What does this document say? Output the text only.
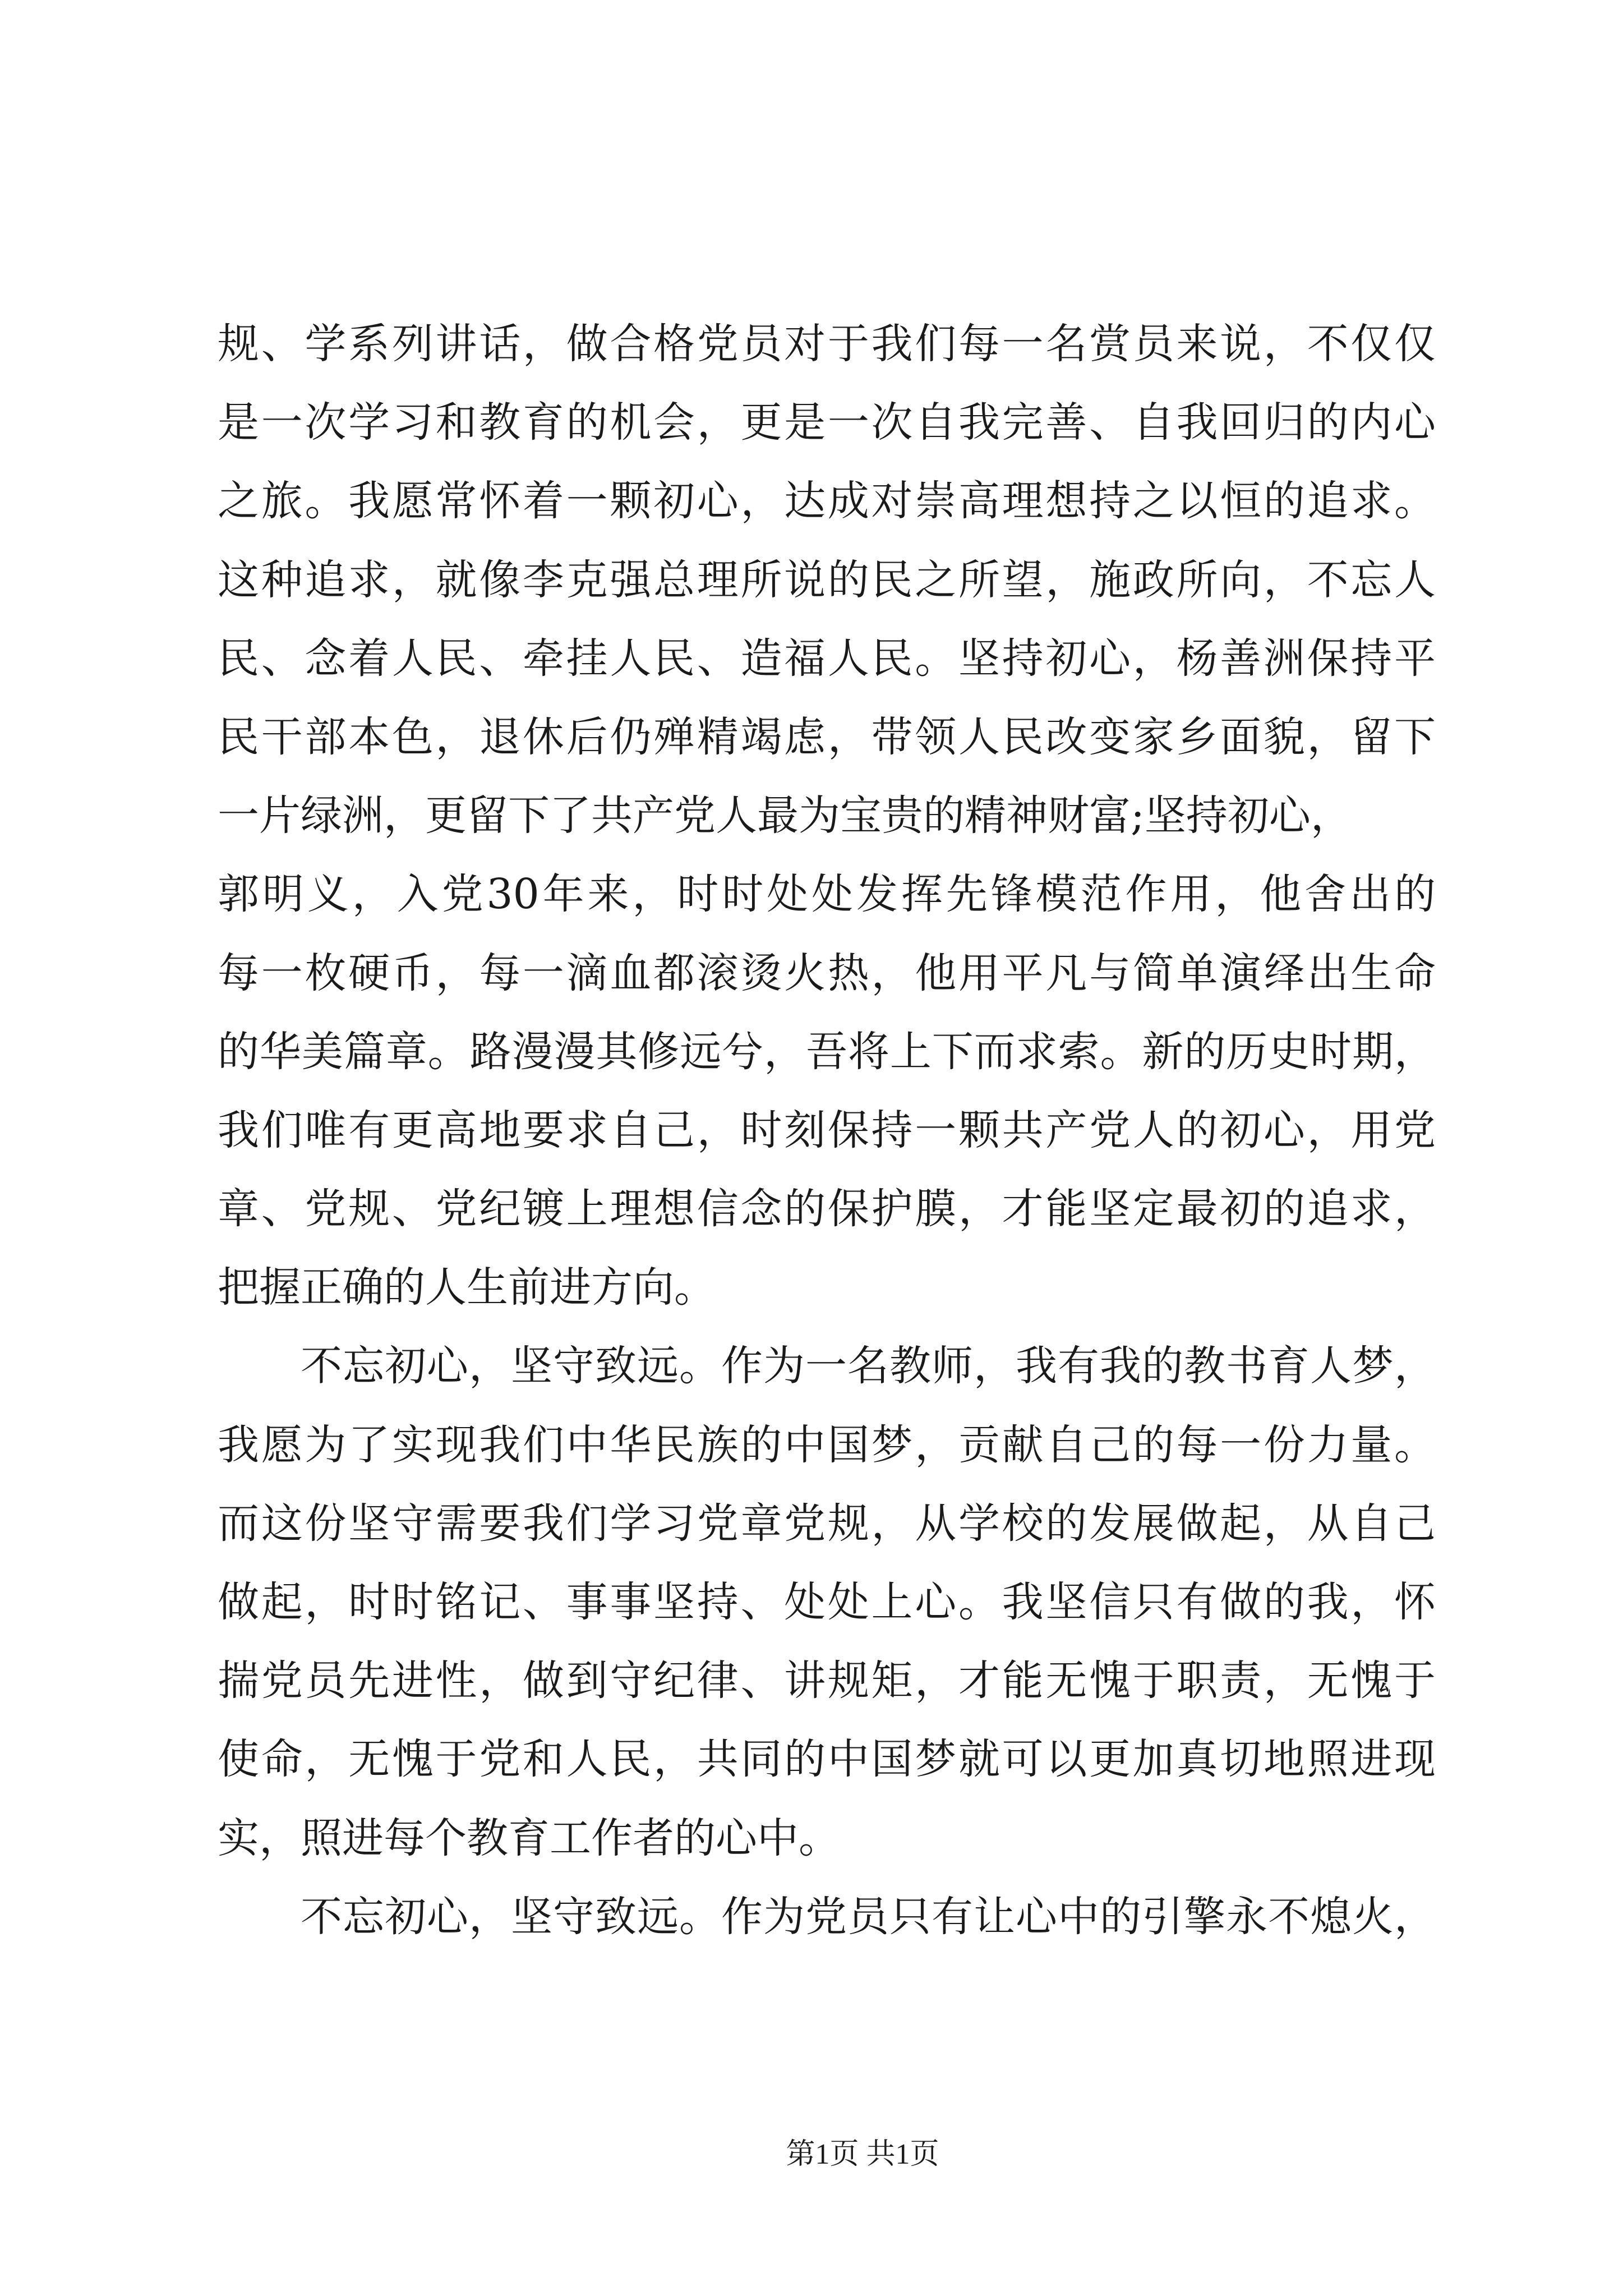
规、学系列讲话，做合格党员对于我们每一名赏员来说，不仅仅
是一次学习和教育的机会，更是一次自我完善、自我回归的内心
之旅。我愿常怀着一颗初心，达成对崇高理想持之以恒的追求。
这种追求，就像李克强总理所说的民之所望，施政所向，不忘人
民、念着人民、牵挂人民、造福人民。坚持初心，杨善洲保持平
民干部本色，退休后仍殚精竭虑，带领人民改变家乡面貌，留下
一片绿洲，更留下了共产党人最为宝贵的精神财富;坚持初心，
郭明义，入党30年来，时时处处发挥先锋模范作用，他舍出的
每一枚硬币，每一滴血都滚烫火热，他用平凡与简单演绎出生命
的华美篇章。路漫漫其修远兮，吾将上下而求索。新的历史时期，
我们唯有更高地要求自己，时刻保持一颗共产党人的初心，用党
章、党规、党纪镀上理想信念的保护膜，才能坚定最初的追求，
把握正确的人生前进方向。
不忘初心，坚守致远。作为一名教师，我有我的教书育人梦，
我愿为了实现我们中华民族的中国梦，贡献自己的每一份力量。
而这份坚守需要我们学习党章党规，从学校的发展做起，从自己
做起，时时铭记、事事坚持、处处上心。我坚信只有做的我，怀
揣党员先进性，做到守纪律、讲规矩，才能无愧于职责，无愧于
使命，无愧于党和人民，共同的中国梦就可以更加真切地照进现
实，照进每个教育工作者的心中。
不忘初心，坚守致远。作为党员只有让心中的引擎永不熄火，
第1页 共1页
